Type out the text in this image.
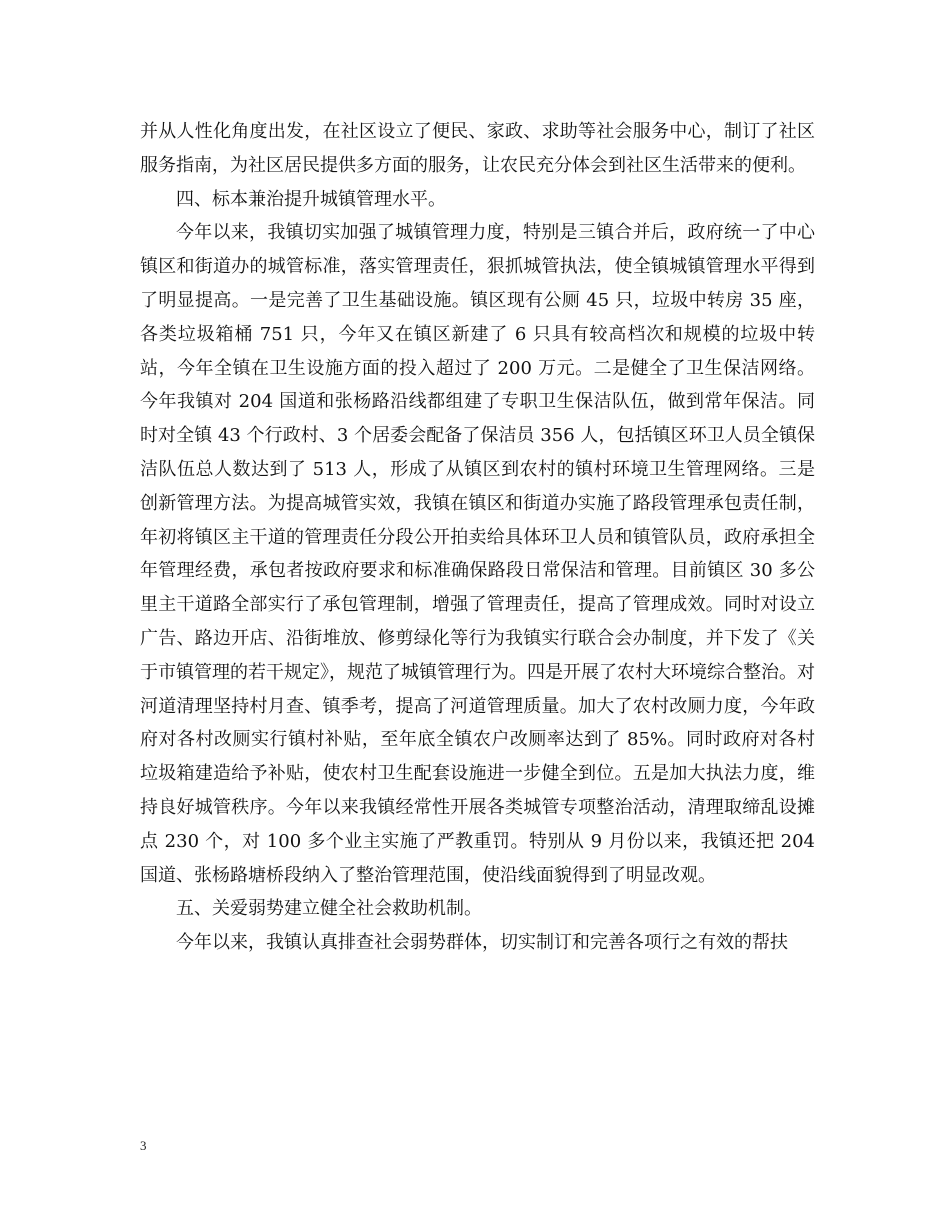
并从人性化角度出发，在社区设立了便民、家政、求助等社会服务中心，制订了社区服务指南，为社区居民提供多方面的服务，让农民充分体会到社区生活带来的便利。

四、标本兼治提升城镇管理水平。

今年以来，我镇切实加强了城镇管理力度，特别是三镇合并后，政府统一了中心镇区和街道办的城管标准，落实管理责任，狠抓城管执法，使全镇城镇管理水平得到了明显提高。一是完善了卫生基础设施。镇区现有公厕 45 只，垃圾中转房 35 座，各类垃圾箱桶 751 只，今年又在镇区新建了 6 只具有较高档次和规模的垃圾中转站，今年全镇在卫生设施方面的投入超过了 200 万元。二是健全了卫生保洁网络。今年我镇对 204 国道和张杨路沿线都组建了专职卫生保洁队伍，做到常年保洁。同时对全镇 43 个行政村、3 个居委会配备了保洁员 356 人，包括镇区环卫人员全镇保洁队伍总人数达到了 513 人，形成了从镇区到农村的镇村环境卫生管理网络。三是创新管理方法。为提高城管实效，我镇在镇区和街道办实施了路段管理承包责任制，年初将镇区主干道的管理责任分段公开拍卖给具体环卫人员和镇管队员，政府承担全年管理经费，承包者按政府要求和标准确保路段日常保洁和管理。目前镇区 30 多公里主干道路全部实行了承包管理制，增强了管理责任，提高了管理成效。同时对设立广告、路边开店、沿街堆放、修剪绿化等行为我镇实行联合会办制度，并下发了《关于市镇管理的若干规定》，规范了城镇管理行为。四是开展了农村大环境综合整治。对河道清理坚持村月查、镇季考，提高了河道管理质量。加大了农村改厕力度，今年政府对各村改厕实行镇村补贴，至年底全镇农户改厕率达到了 85%。同时政府对各村垃圾箱建造给予补贴，使农村卫生配套设施进一步健全到位。五是加大执法力度，维持良好城管秩序。今年以来我镇经常性开展各类城管专项整治活动，清理取缔乱设摊点 230 个，对 100 多个业主实施了严教重罚。特别从 9 月份以来，我镇还把 204 国道、张杨路塘桥段纳入了整治管理范围，使沿线面貌得到了明显改观。

五、关爱弱势建立健全社会救助机制。

今年以来，我镇认真排查社会弱势群体，切实制订和完善各项行之有效的帮扶

3
